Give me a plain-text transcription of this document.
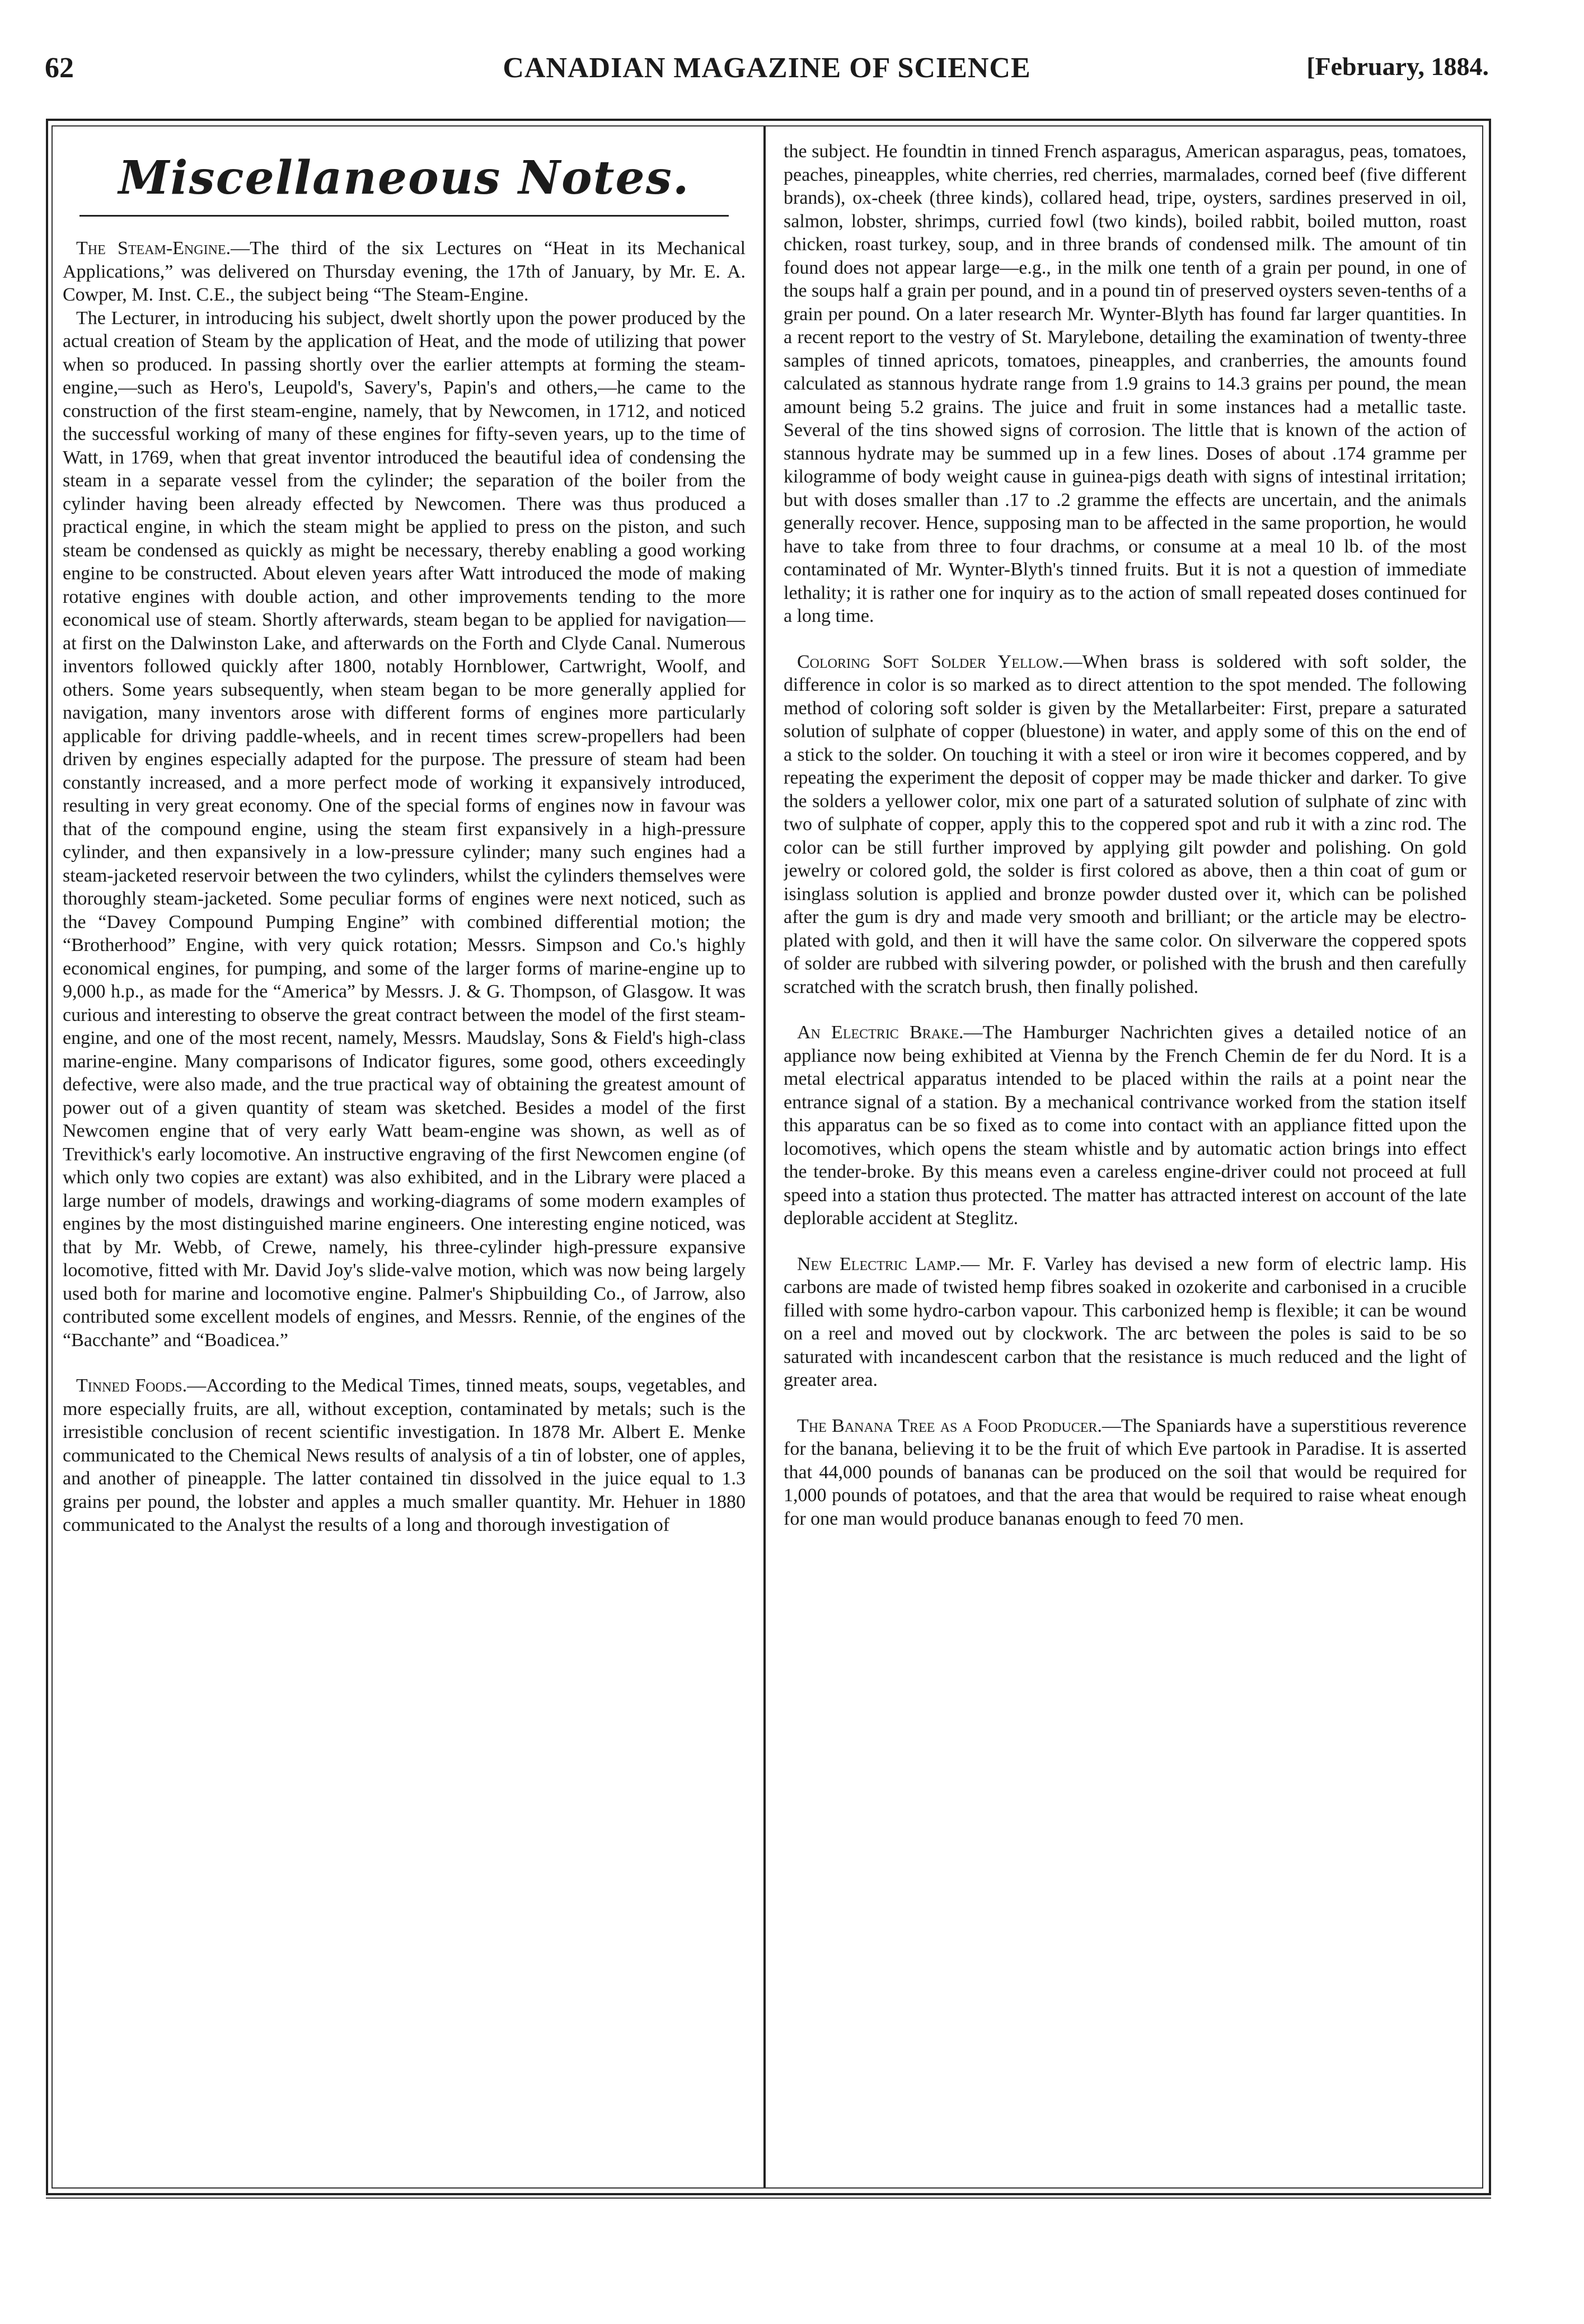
62	CANADIAN MAGAZINE OF SCIENCE	[February, 1884.
Miscellaneous Notes.

The Steam-Engine.—The third of the six Lectures on “Heat in its Mechanical Applications,” was delivered on Thursday evening, the 17th of January, by Mr. E. A. Cowper, M. Inst. C.E., the subject being “The Steam-Engine.

The Lecturer, in introducing his subject, dwelt shortly upon the power produced by the actual creation of Steam by the application of Heat, and the mode of utilizing that power when so produced. In passing shortly over the earlier attempts at forming the steam-engine,—such as Hero's, Leupold's, Savery's, Papin's and others,—he came to the construction of the first steam-engine, namely, that by Newcomen, in 1712, and noticed the successful working of many of these engines for fifty-seven years, up to the time of Watt, in 1769, when that great inventor introduced the beautiful idea of condensing the steam in a separate vessel from the cylinder; the separation of the boiler from the cylinder having been already effected by Newcomen. There was thus produced a practical engine, in which the steam might be applied to press on the piston, and such steam be condensed as quickly as might be necessary, thereby enabling a good working engine to be constructed. About eleven years after Watt introduced the mode of making rotative engines with double action, and other improvements tending to the more economical use of steam. Shortly afterwards, steam began to be applied for navigation—at first on the Dalwinston Lake, and afterwards on the Forth and Clyde Canal. Numerous inventors followed quickly after 1800, notably Hornblower, Cartwright, Woolf, and others. Some years subsequently, when steam began to be more generally applied for navigation, many inventors arose with different forms of engines more particularly applicable for driving paddle-wheels, and in recent times screw-propellers had been driven by engines especially adapted for the purpose. The pressure of steam had been constantly increased, and a more perfect mode of working it expansively introduced, resulting in very great economy. One of the special forms of engines now in favour was that of the compound engine, using the steam first expansively in a high-pressure cylinder, and then expansively in a low-pressure cylinder; many such engines had a steam-jacketed reservoir between the two cylinders, whilst the cylinders themselves were thoroughly steam-jacketed. Some peculiar forms of engines were next noticed, such as the “Davey Compound Pumping Engine” with combined differential motion; the “Brotherhood” Engine, with very quick rotation; Messrs. Simpson and Co.'s highly economical engines, for pumping, and some of the larger forms of marine-engine up to 9,000 h.p., as made for the “America” by Messrs. J. & G. Thompson, of Glasgow. It was curious and interesting to observe the great contract between the model of the first steam-engine, and one of the most recent, namely, Messrs. Maudslay, Sons & Field's high-class marine-engine. Many comparisons of Indicator figures, some good, others exceedingly defective, were also made, and the true practical way of obtaining the greatest amount of power out of a given quantity of steam was sketched. Besides a model of the first Newcomen engine that of very early Watt beam-engine was shown, as well as of Trevithick's early locomotive. An instructive engraving of the first Newcomen engine (of which only two copies are extant) was also exhibited, and in the Library were placed a large number of models, drawings and working-diagrams of some modern examples of engines by the most distinguished marine engineers. One interesting engine noticed, was that by Mr. Webb, of Crewe, namely, his three-cylinder high-pressure expansive locomotive, fitted with Mr. David Joy's slide-valve motion, which was now being largely used both for marine and locomotive engine. Palmer's Shipbuilding Co., of Jarrow, also contributed some excellent models of engines, and Messrs. Rennie, of the engines of the “Bacchante” and “Boadicea.”

Tinned Foods.—According to the Medical Times, tinned meats, soups, vegetables, and more especially fruits, are all, without exception, contaminated by metals; such is the irresistible conclusion of recent scientific investigation. In 1878 Mr. Albert E. Menke communicated to the Chemical News results of analysis of a tin of lobster, one of apples, and another of pineapple. The latter contained tin dissolved in the juice equal to 1.3 grains per pound, the lobster and apples a much smaller quantity. Mr. Hehuer in 1880 communicated to the Analyst the results of a long and thorough investigation of

the subject. He foundtin in tinned French asparagus, American asparagus, peas, tomatoes, peaches, pineapples, white cherries, red cherries, marmalades, corned beef (five different brands), ox-cheek (three kinds), collared head, tripe, oysters, sardines preserved in oil, salmon, lobster, shrimps, curried fowl (two kinds), boiled rabbit, boiled mutton, roast chicken, roast turkey, soup, and in three brands of condensed milk. The amount of tin found does not appear large—e.g., in the milk one tenth of a grain per pound, in one of the soups half a grain per pound, and in a pound tin of preserved oysters seven-tenths of a grain per pound. On a later research Mr. Wynter-Blyth has found far larger quantities. In a recent report to the vestry of St. Marylebone, detailing the examination of twenty-three samples of tinned apricots, tomatoes, pineapples, and cranberries, the amounts found calculated as stannous hydrate range from 1.9 grains to 14.3 grains per pound, the mean amount being 5.2 grains. The juice and fruit in some instances had a metallic taste. Several of the tins showed signs of corrosion. The little that is known of the action of stannous hydrate may be summed up in a few lines. Doses of about .174 gramme per kilogramme of body weight cause in guinea-pigs death with signs of intestinal irritation; but with doses smaller than .17 to .2 gramme the effects are uncertain, and the animals generally recover. Hence, supposing man to be affected in the same proportion, he would have to take from three to four drachms, or consume at a meal 10 lb. of the most contaminated of Mr. Wynter-Blyth's tinned fruits. But it is not a question of immediate lethality; it is rather one for inquiry as to the action of small repeated doses continued for a long time.
Coloring Soft Solder Yellow.—When brass is soldered with soft solder, the difference in color is so marked as to direct attention to the spot mended. The following method of coloring soft solder is given by the Metallarbeiter: First, prepare a saturated solution of sulphate of copper (bluestone) in water, and apply some of this on the end of a stick to the solder. On touching it with a steel or iron wire it becomes coppered, and by repeating the experiment the deposit of copper may be made thicker and darker. To give the solders a yellower color, mix one part of a saturated solution of sulphate of zinc with two of sulphate of copper, apply this to the coppered spot and rub it with a zinc rod. The color can be still further improved by applying gilt powder and polishing. On gold jewelry or colored gold, the solder is first colored as above, then a thin coat of gum or isinglass solution is applied and bronze powder dusted over it, which can be polished after the gum is dry and made very smooth and brilliant; or the article may be electro-plated with gold, and then it will have the same color. On silverware the coppered spots of solder are rubbed with silvering powder, or polished with the brush and then carefully scratched with the scratch brush, then finally polished.
An Electric Brake.—The Hamburger Nachrichten gives a detailed notice of an appliance now being exhibited at Vienna by the French Chemin de fer du Nord. It is a metal electrical apparatus intended to be placed within the rails at a point near the entrance signal of a station. By a mechanical contrivance worked from the station itself this apparatus can be so fixed as to come into contact with an appliance fitted upon the locomotives, which opens the steam whistle and by automatic action brings into effect the tender-broke. By this means even a careless engine-driver could not proceed at full speed into a station thus protected. The matter has attracted interest on account of the late deplorable accident at Steglitz.
New Electric Lamp.— Mr. F. Varley has devised a new form of electric lamp. His carbons are made of twisted hemp fibres soaked in ozokerite and carbonised in a crucible filled with some hydro-carbon vapour. This carbonized hemp is flexible; it can be wound on a reel and moved out by clockwork. The arc between the poles is said to be so saturated with incandescent carbon that the resistance is much reduced and the light of greater area.
The Banana Tree as a Food Producer.—The Spaniards have a superstitious reverence for the banana, believing it to be the fruit of which Eve partook in Paradise. It is asserted that 44,000 pounds of bananas can be produced on the soil that would be required for 1,000 pounds of potatoes, and that the area that would be required to raise wheat enough for one man would produce bananas enough to feed 70 men.
